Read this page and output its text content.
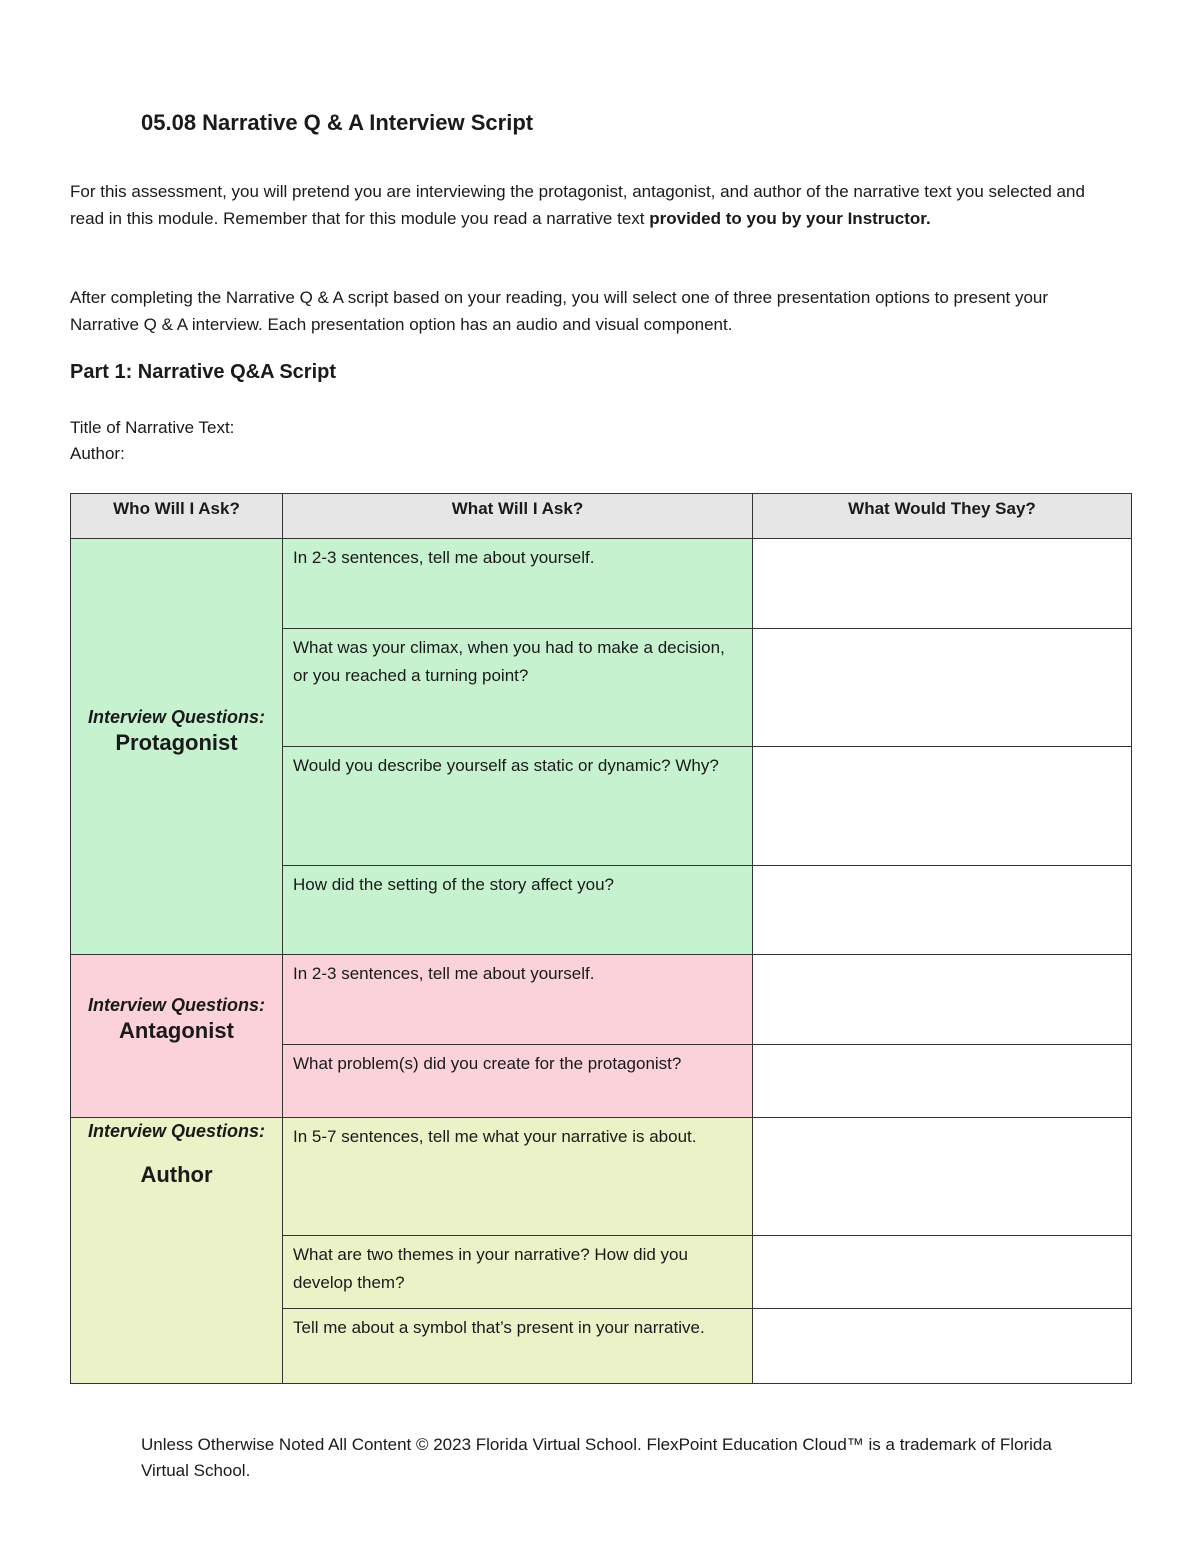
05.08 Narrative Q & A Interview Script

For this assessment, you will pretend you are interviewing the protagonist, antagonist, and author of the narrative text you selected and read in this module. Remember that for this module you read a narrative text provided to you by your Instructor.

After completing the Narrative Q & A script based on your reading, you will select one of three presentation options to present your Narrative Q & A interview. Each presentation option has an audio and visual component.

Part 1: Narrative Q&A Script

Title of Narrative Text:

Author:

Who Will I Ask?	What Will I Ask?	What Would They Say?

Interview Questions:
Protagonist	In 2-3 sentences, tell me about yourself.	
	What was your climax, when you had to make a decision, or you reached a turning point?	
	Would you describe yourself as static or dynamic? Why?	
	How did the setting of the story affect you?	

Interview Questions:
Antagonist	In 2-3 sentences, tell me about yourself.	
	What problem(s) did you create for the protagonist?	

Interview Questions:
Author	In 5-7 sentences, tell me what your narrative is about.	
	What are two themes in your narrative? How did you develop them?	
	Tell me about a symbol that’s present in your narrative.	

Unless Otherwise Noted All Content © 2023 Florida Virtual School. FlexPoint Education Cloud™ is a trademark of Florida Virtual School.
